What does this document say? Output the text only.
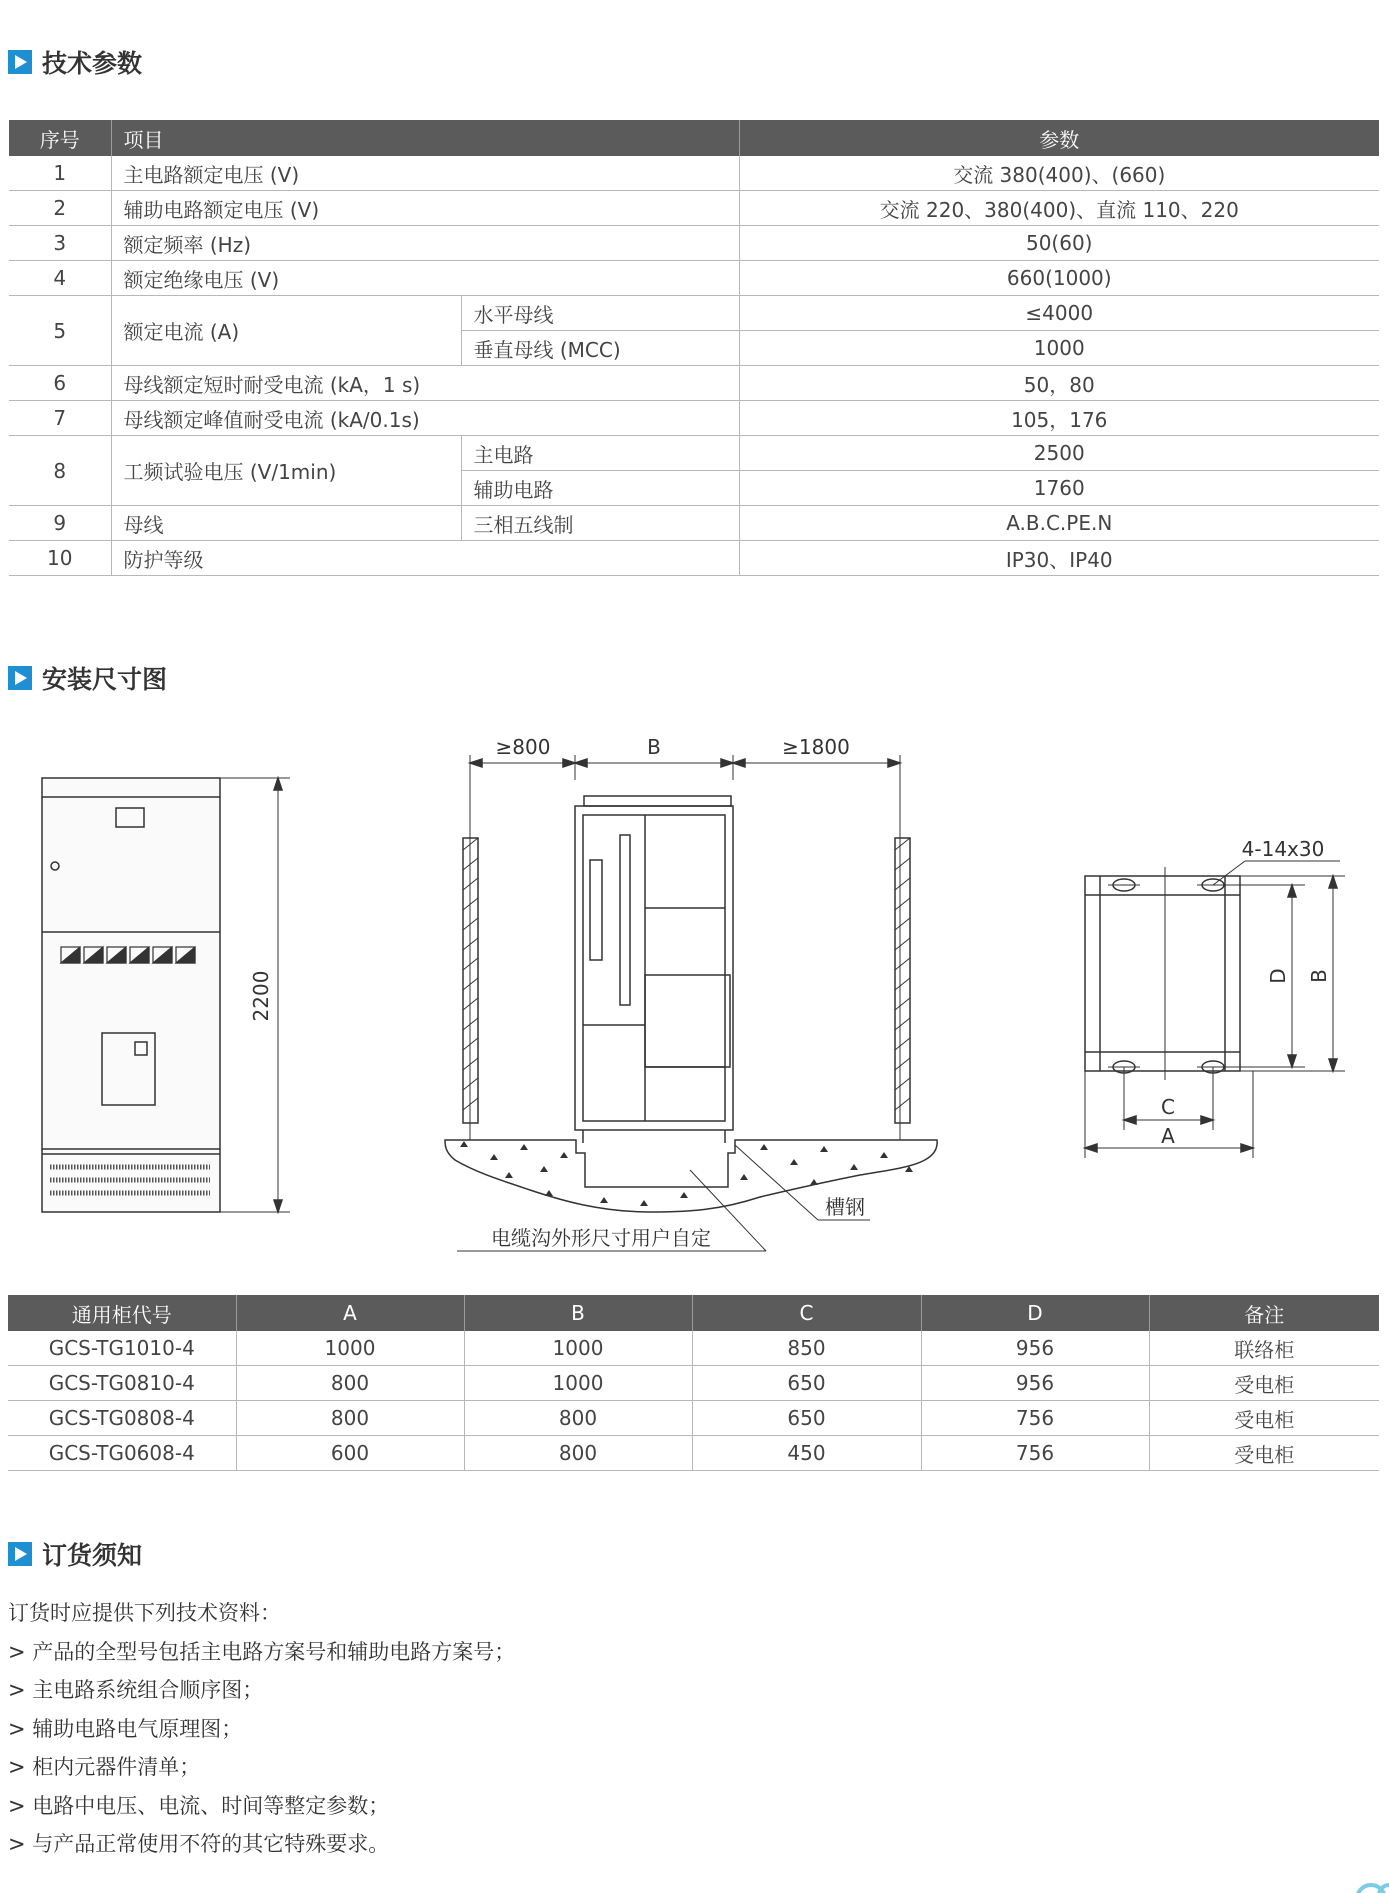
技术参数
序号	项目		参数
1	主电路额定电压 (V)		交流 380(400)、(660)
2	辅助电路额定电压 (V)		交流 220、380(400)、直流 110、220
3	额定频率 (Hz)		50(60)
4	额定绝缘电压 (V)		660(1000)
5	额定电流 (A)	水平母线	≤4000
		垂直母线 (MCC)	1000
6	母线额定短时耐受电流 (kA，1 s)		50，80
7	母线额定峰值耐受电流 (kA/0.1s)		105，176
8	工频试验电压 (V/1min)	主电路	2500
		辅助电路	1760
9	母线	三相五线制	A.B.C.PE.N
10	防护等级		IP30、IP40
安装尺寸图
2200
≥800	B	≥1800
槽钢
电缆沟外形尺寸用户自定
4-14x30
C
A
D B
通用柜代号	A	B	C	D	备注
GCS-TG1010-4	1000	1000	850	956	联络柜
GCS-TG0810-4	800	1000	650	956	受电柜
GCS-TG0808-4	800	800	650	756	受电柜
GCS-TG0608-4	600	800	450	756	受电柜
订货须知
订货时应提供下列技术资料：
> 产品的全型号包括主电路方案号和辅助电路方案号；
> 主电路系统组合顺序图；
> 辅助电路电气原理图；
> 柜内元器件清单；
> 电路中电压、电流、时间等整定参数；
> 与产品正常使用不符的其它特殊要求。
